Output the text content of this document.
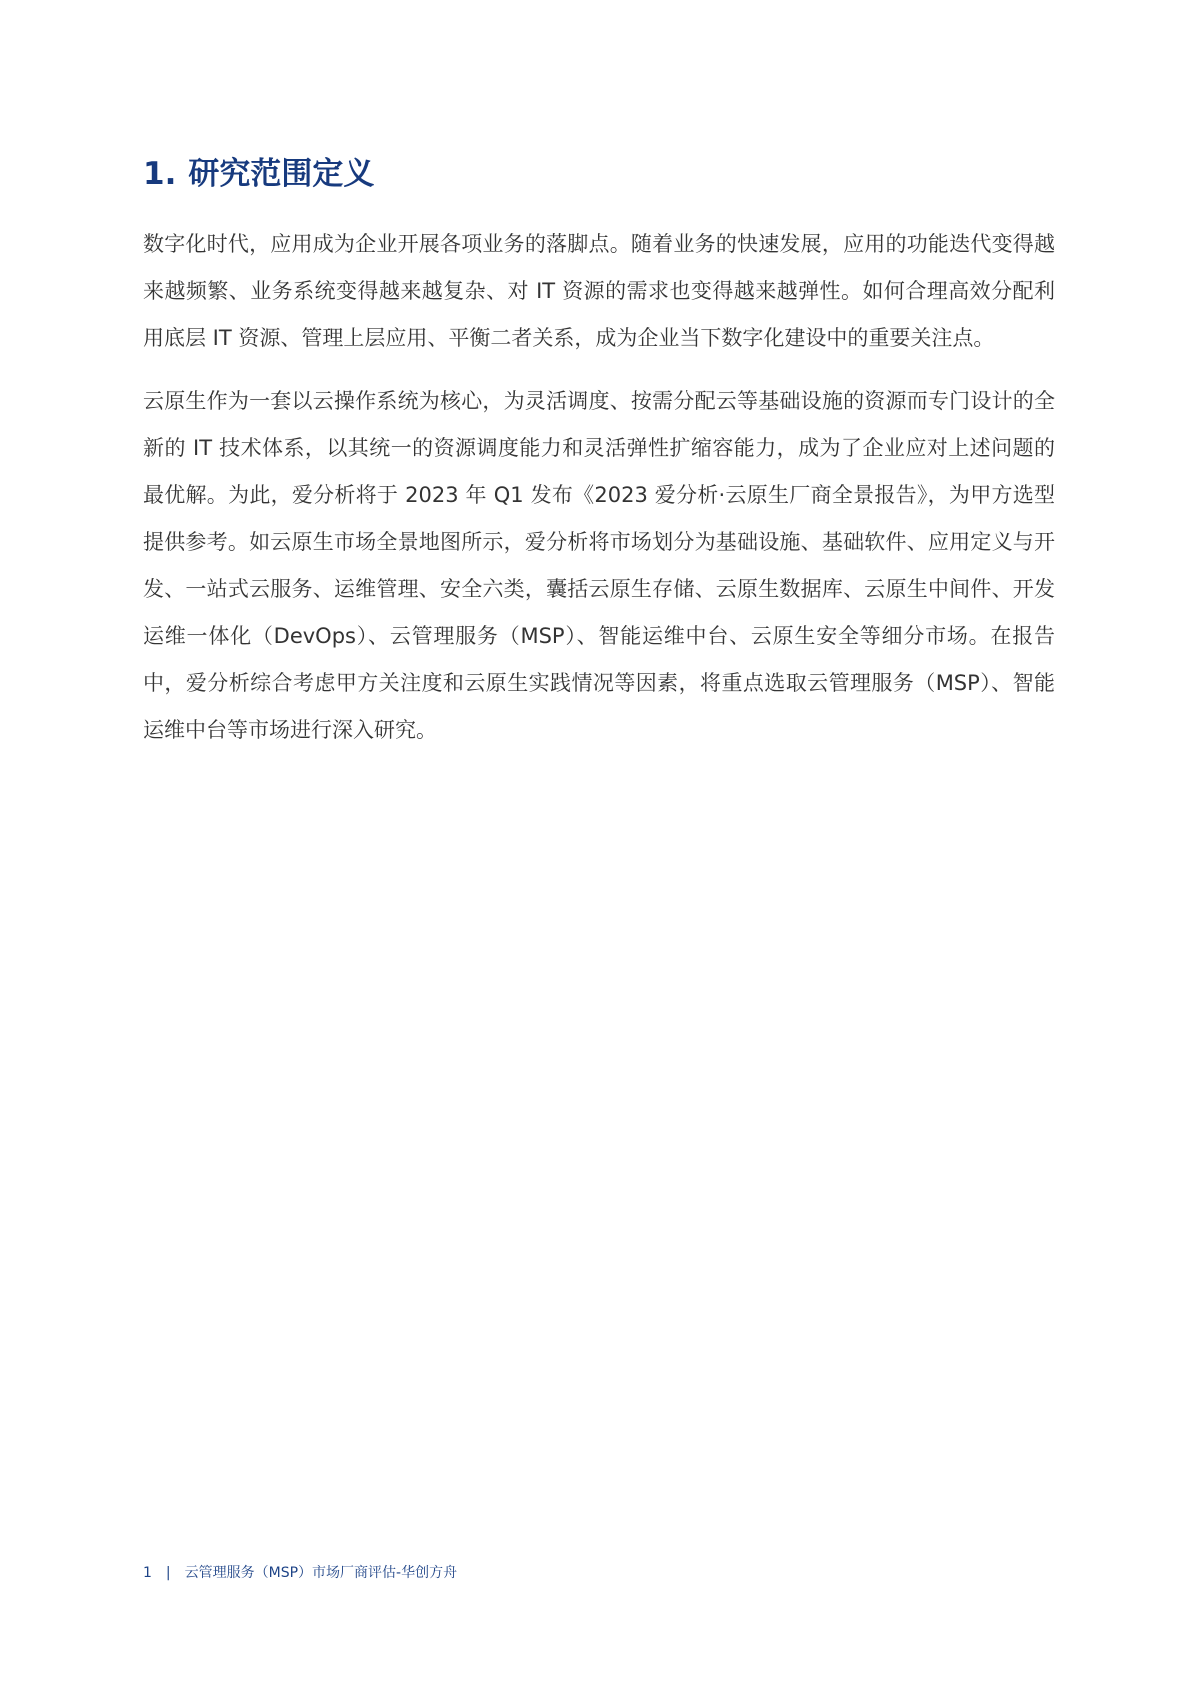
1. 研究范围定义

数字化时代，应用成为企业开展各项业务的落脚点。随着业务的快速发展，应用的功能迭代变得越来越频繁、业务系统变得越来越复杂、对 IT 资源的需求也变得越来越弹性。如何合理高效分配利用底层 IT 资源、管理上层应用、平衡二者关系，成为企业当下数字化建设中的重要关注点。

云原生作为一套以云操作系统为核心，为灵活调度、按需分配云等基础设施的资源而专门设计的全新的 IT 技术体系，以其统一的资源调度能力和灵活弹性扩缩容能力，成为了企业应对上述问题的最优解。为此，爱分析将于 2023 年 Q1 发布《2023 爱分析·云原生厂商全景报告》，为甲方选型提供参考。如云原生市场全景地图所示，爱分析将市场划分为基础设施、基础软件、应用定义与开发、一站式云服务、运维管理、安全六类，囊括云原生存储、云原生数据库、云原生中间件、开发运维一体化（DevOps）、云管理服务（MSP）、智能运维中台、云原生安全等细分市场。在报告中，爱分析综合考虑甲方关注度和云原生实践情况等因素，将重点选取云管理服务（MSP）、智能运维中台等市场进行深入研究。

1 | 云管理服务（MSP）市场厂商评估-华创方舟
